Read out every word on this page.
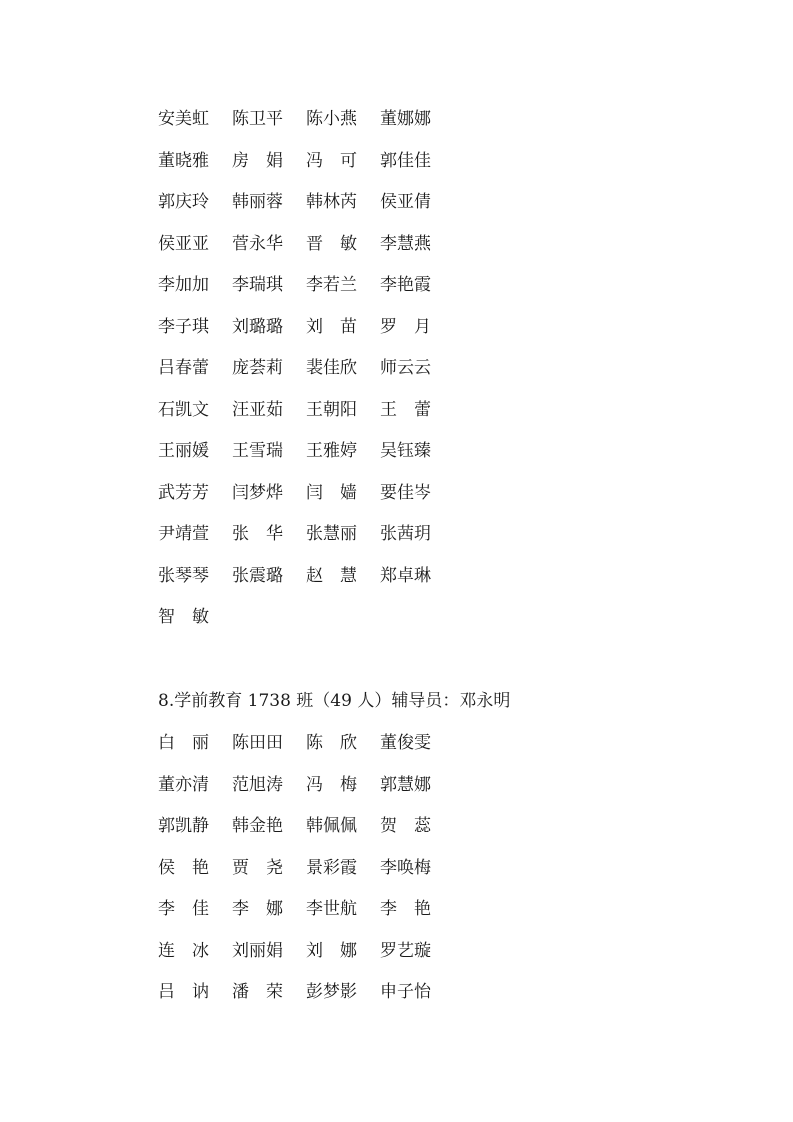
安美虹	陈卫平	陈小燕	董娜娜
董晓雅	房　娟	冯　可	郭佳佳
郭庆玲	韩丽蓉	韩林芮	侯亚倩
侯亚亚	菅永华	晋　敏	李慧燕
李加加	李瑞琪	李若兰	李艳霞
李子琪	刘璐璐	刘　苗	罗　月
吕春蕾	庞荟莉	裴佳欣	师云云
石凯文	汪亚茹	王朝阳	王　蕾
王丽媛	王雪瑞	王雅婷	吴钰臻
武芳芳	闫梦烨	闫　嫱	要佳岑
尹靖萱	张　华	张慧丽	张茜玥
张琴琴	张震璐	赵　慧	郑卓琳
智　敏
8.学前教育 1738 班（49 人）辅导员：邓永明
白　丽	陈田田	陈　欣	董俊雯
董亦清	范旭涛	冯　梅	郭慧娜
郭凯静	韩金艳	韩佩佩	贺　蕊
侯　艳	贾　尧	景彩霞	李唤梅
李　佳	李　娜	李世航	李　艳
连　冰	刘丽娟	刘　娜	罗艺璇
吕　讷	潘　荣	彭梦影	申子怡
